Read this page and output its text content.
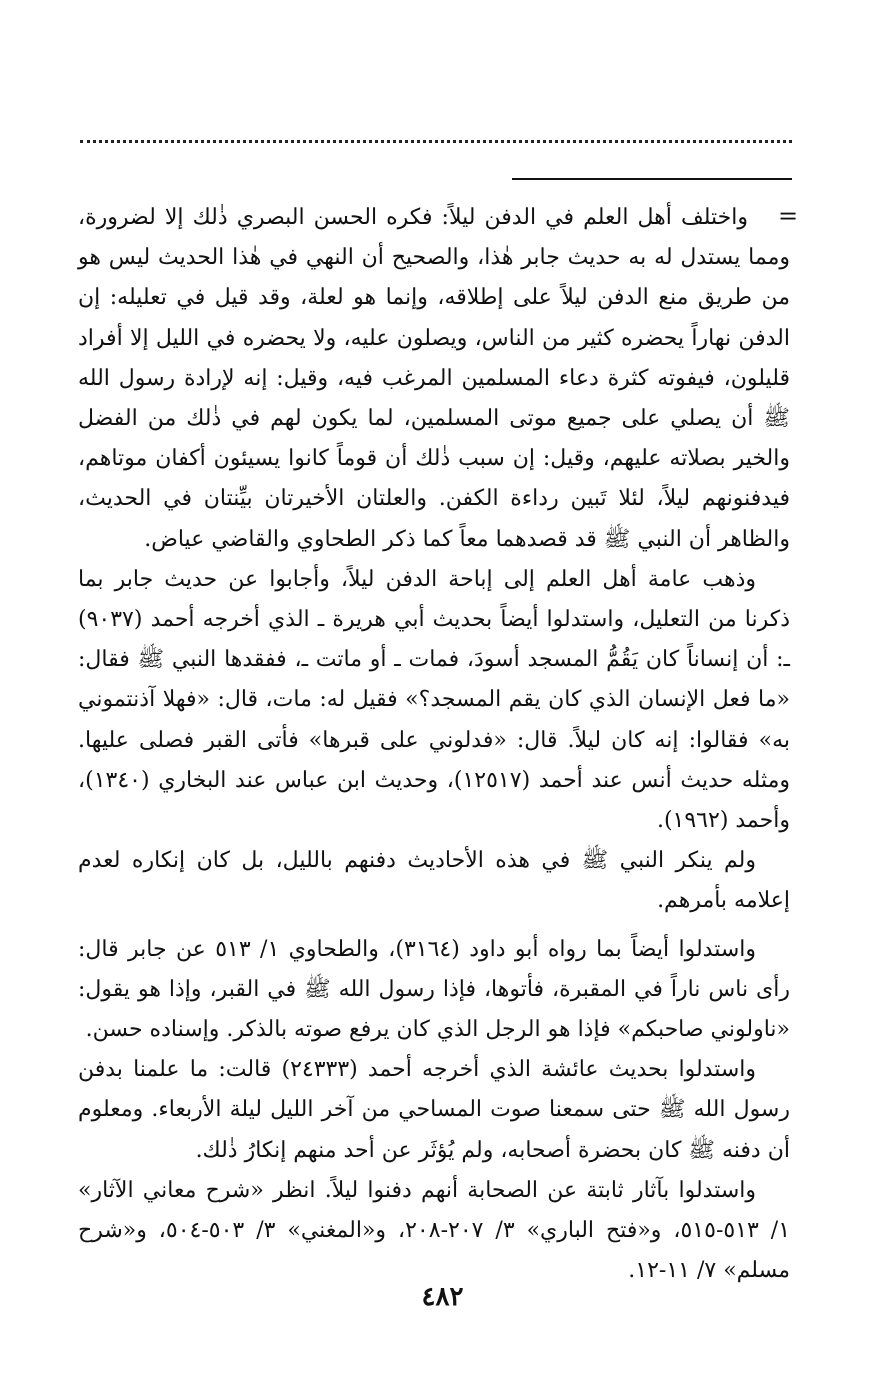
=

واختلف أهل العلم في الدفن ليلاً: فكره الحسن البصري ذٰلك إلا لضرورة، ومما يستدل له به حديث جابر هٰذا، والصحيح أن النهي في هٰذا الحديث ليس هو من طريق منع الدفن ليلاً على إطلاقه، وإنما هو لعلة، وقد قيل في تعليله: إن الدفن نهاراً يحضره كثير من الناس، ويصلون عليه، ولا يحضره في الليل إلا أفراد قليلون، فيفوته كثرة دعاء المسلمين المرغب فيه، وقيل: إنه لإرادة رسول الله ﷺ أن يصلي على جميع موتى المسلمين، لما يكون لهم في ذٰلك من الفضل والخير بصلاته عليهم، وقيل: إن سبب ذٰلك أن قوماً كانوا يسيئون أكفان موتاهم، فيدفنونهم ليلاً، لئلا تَبين رداءة الكفن. والعلتان الأخيرتان بيِّنتان في الحديث، والظاهر أن النبي ﷺ قد قصدهما معاً كما ذكر الطحاوي والقاضي عياض.

وذهب عامة أهل العلم إلى إباحة الدفن ليلاً، وأجابوا عن حديث جابر بما ذكرنا من التعليل، واستدلوا أيضاً بحديث أبي هريرة ـ الذي أخرجه أحمد (٩٠٣٧) ـ: أن إنساناً كان يَقُمُّ المسجد أسودَ، فمات ـ أو ماتت ـ، ففقدها النبي ﷺ فقال: «ما فعل الإنسان الذي كان يقم المسجد؟» فقيل له: مات، قال: «فهلا آذنتموني به» فقالوا: إنه كان ليلاً. قال: «فدلوني على قبرها» فأتى القبر فصلى عليها. ومثله حديث أنس عند أحمد (١٢٥١٧)، وحديث ابن عباس عند البخاري (١٣٤٠)، وأحمد (١٩٦٢).

ولم ينكر النبي ﷺ في هذه الأحاديث دفنهم بالليل، بل كان إنكاره لعدم إعلامه بأمرهم.

واستدلوا أيضاً بما رواه أبو داود (٣١٦٤)، والطحاوي ١/ ٥١٣ عن جابر قال: رأى ناس ناراً في المقبرة، فأتوها، فإذا رسول الله ﷺ في القبر، وإذا هو يقول: «ناولوني صاحبكم» فإذا هو الرجل الذي كان يرفع صوته بالذكر. وإسناده حسن.

واستدلوا بحديث عائشة الذي أخرجه أحمد (٢٤٣٣٣) قالت: ما علمنا بدفن رسول الله ﷺ حتى سمعنا صوت المساحي من آخر الليل ليلة الأربعاء. ومعلوم أن دفنه ﷺ كان بحضرة أصحابه، ولم يُؤثَر عن أحد منهم إنكارُ ذٰلك.

واستدلوا بآثار ثابتة عن الصحابة أنهم دفنوا ليلاً. انظر «شرح معاني الآثار» ١/ ٥١٣-٥١٥، و«فتح الباري» ٣/ ٢٠٧-٢٠٨، و«المغني» ٣/ ٥٠٣-٥٠٤، و«شرح مسلم» ٧/ ١١-١٢.

٤٨٢
